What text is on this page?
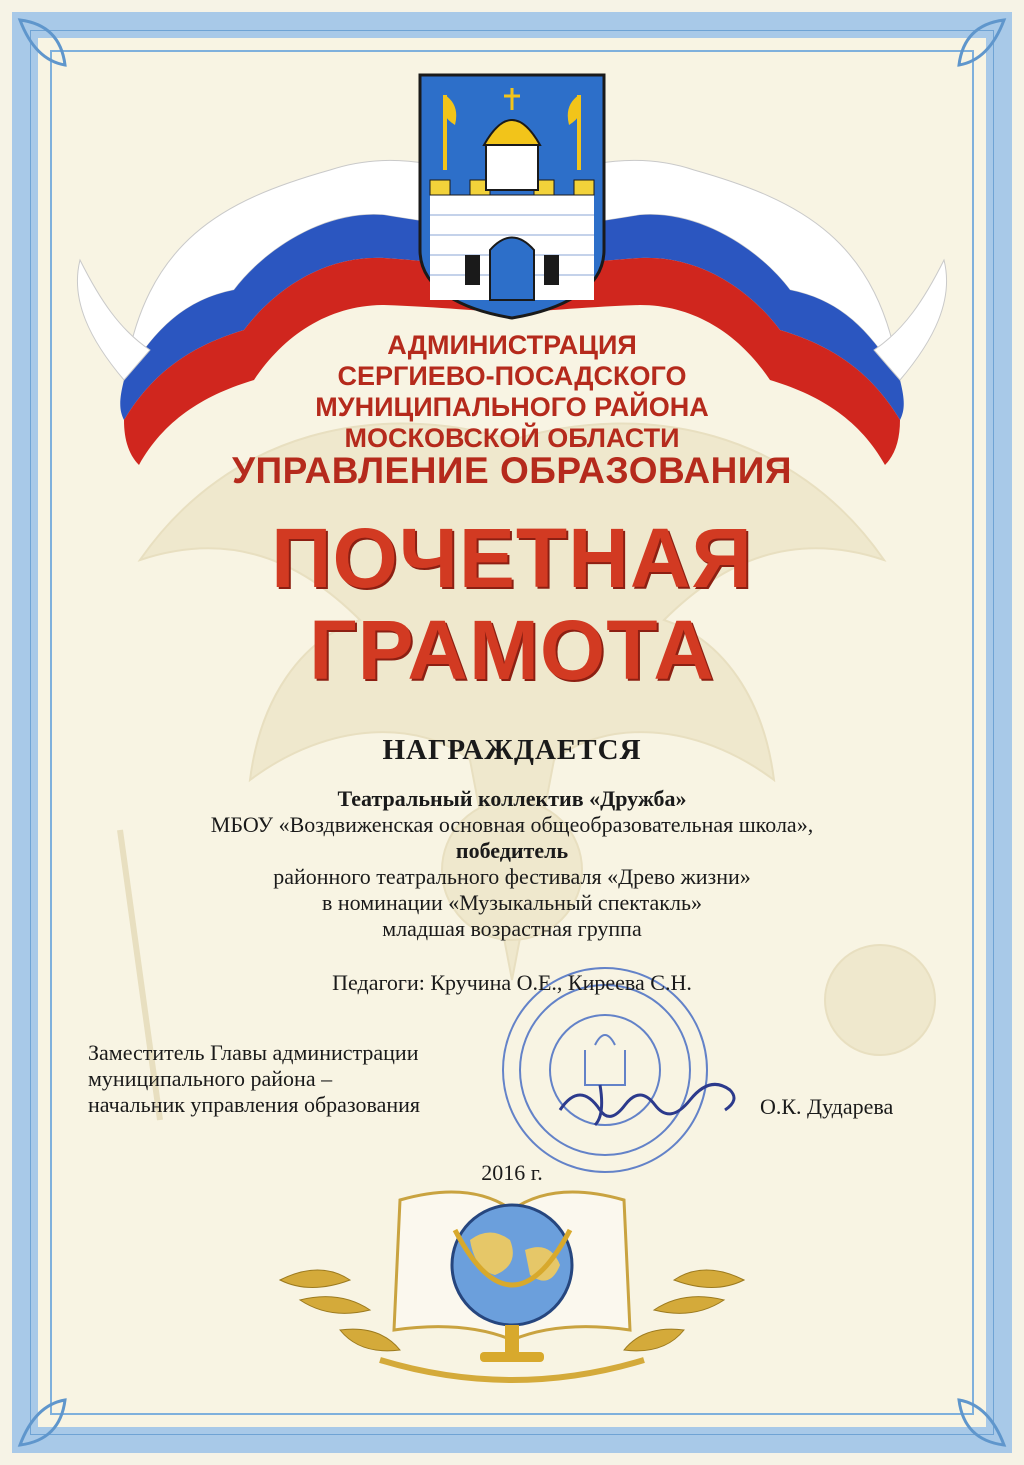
АДМИНИСТРАЦИЯ
СЕРГИЕВО-ПОСАДСКОГО
МУНИЦИПАЛЬНОГО РАЙОНА
МОСКОВСКОЙ ОБЛАСТИ
УПРАВЛЕНИЕ ОБРАЗОВАНИЯ
ПОЧЕТНАЯ
ГРАМОТА
НАГРАЖДАЕТСЯ
Театральный коллектив «Дружба»
МБОУ «Воздвиженская основная общеобразовательная школа»,
победитель
районного театрального фестиваля «Древо жизни»
в номинации «Музыкальный спектакль»
младшая возрастная группа
Педагоги: Кручина О.Е., Киреева С.Н.
Заместитель Главы администрации
муниципального района –
начальник управления образования	О.К. Дударева
2016 г.
